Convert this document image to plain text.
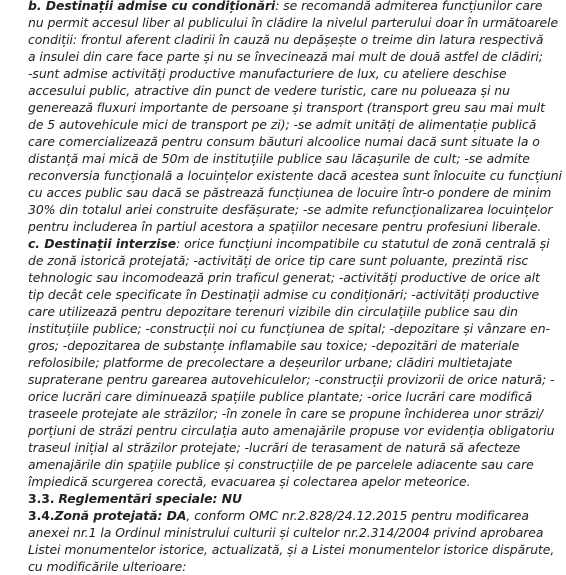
b. Destinații admise cu condiționări: se recomandă admiterea funcțiunilor care
nu permit accesul liber al publicului în clădire la nivelul parterului doar în următoarele
condiții: frontul aferent cladirii în cauză nu depășește o treime din latura respectivă
a insulei din care face parte și nu se învecinează mai mult de două astfel de clădiri;
-sunt admise activități productive manufacturiere de lux, cu ateliere deschise
accesului public, atractive din punct de vedere turistic, care nu polueaza și nu
generează fluxuri importante de persoane și transport (transport greu sau mai mult
de 5 autovehicule mici de transport pe zi); -se admit unități de alimentație publică
care comercializează pentru consum băuturi alcoolice numai dacă sunt situate la o
distanță mai mică de 50m de instituțiile publice sau lăcașurile de cult; -se admite
reconversia funcțională a locuințelor existente dacă acestea sunt înlocuite cu funcțiuni
cu acces public sau dacă se păstrează funcțiunea de locuire într-o pondere de minim
30% din totalul ariei construite desfășurate; -se admite refuncționalizarea locuințelor
pentru includerea în partiul acestora a spațiilor necesare pentru profesiuni liberale.
c. Destinații interzise: orice funcțiuni incompatibile cu statutul de zonă centrală și
de zonă istorică protejată; -activități de orice tip care sunt poluante, prezintă risc
tehnologic sau incomodează prin traficul generat; -activități productive de orice alt
tip decât cele specificate în Destinații admise cu condiționări; -activități productive
care utilizează pentru depozitare terenuri vizibile din circulațiile publice sau din
instituțiile publice; -construcții noi cu funcțiunea de spital; -depozitare și vânzare en-
gros; -depozitarea de substanțe inflamabile sau toxice; -depozitări de materiale
refolosibile; platforme de precolectare a deșeurilor urbane; clădiri multietajate
supraterane pentru garearea autovehiculelor; -construcții provizorii de orice natură; -
orice lucrări care diminuează spațiile publice plantate; -orice lucrări care modifică
traseele protejate ale străzilor; -în zonele în care se propune închiderea unor străzi/
porțiuni de străzi pentru circulația auto amenajările propuse vor evidenția obligatoriu
traseul inițial al străzilor protejate; -lucrări de terasament de natură să afecteze
amenajările din spațiile publice și construcțiile de pe parcelele adiacente sau care
împiedică scurgerea corectă, evacuarea și colectarea apelor meteorice.
3.3. Reglementări speciale: NU
3.4.Zonă protejată: DA, conform OMC nr.2.828/24.12.2015 pentru modificarea
anexei nr.1 la Ordinul ministrului culturii și cultelor nr.2.314/2004 privind aprobarea
Listei monumentelor istorice, actualizată, și a Listei monumentelor istorice dispărute,
cu modificările ulterioare:
